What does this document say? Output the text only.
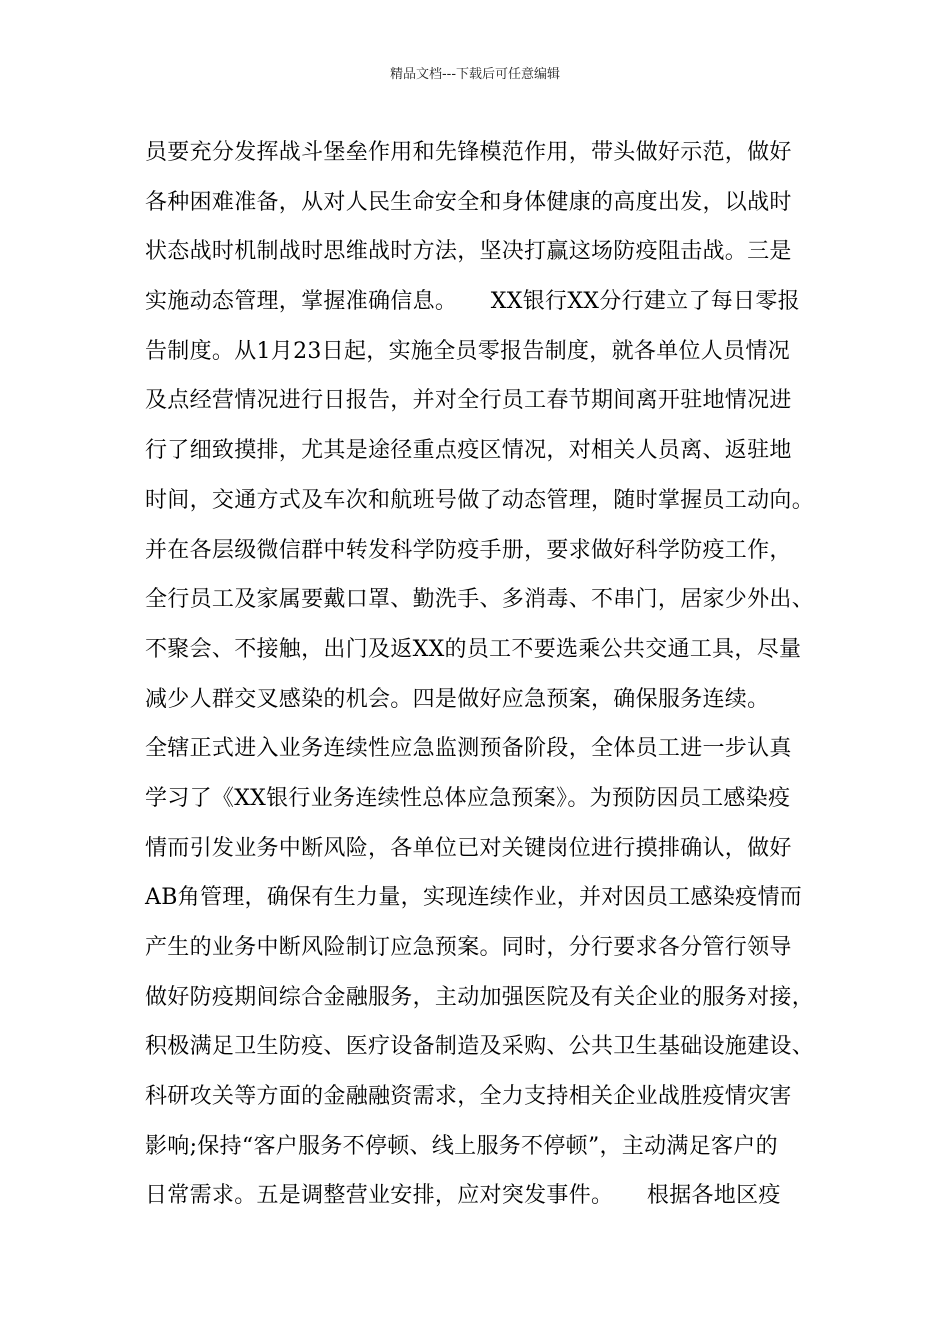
精品文档---下载后可任意编辑
员要充分发挥战斗堡垒作用和先锋模范作用，带头做好示范，做好
各种困难准备，从对人民生命安全和身体健康的高度出发，以战时
状态战时机制战时思维战时方法，坚决打赢这场防疫阻击战。三是
实施动态管理，掌握准确信息。　　XX银行XX分行建立了每日零报
告制度。从1月23日起，实施全员零报告制度，就各单位人员情况
及点经营情况进行日报告，并对全行员工春节期间离开驻地情况进
行了细致摸排，尤其是途径重点疫区情况，对相关人员离、返驻地
时间，交通方式及车次和航班号做了动态管理，随时掌握员工动向。
并在各层级微信群中转发科学防疫手册，要求做好科学防疫工作，
全行员工及家属要戴口罩、勤洗手、多消毒、不串门，居家少外出、
不聚会、不接触，出门及返XX的员工不要选乘公共交通工具，尽量
减少人群交叉感染的机会。四是做好应急预案，确保服务连续。
全辖正式进入业务连续性应急监测预备阶段，全体员工进一步认真
学习了《XX银行业务连续性总体应急预案》。为预防因员工感染疫
情而引发业务中断风险，各单位已对关键岗位进行摸排确认，做好
AB角管理，确保有生力量，实现连续作业，并对因员工感染疫情而
产生的业务中断风险制订应急预案。同时，分行要求各分管行领导
做好防疫期间综合金融服务，主动加强医院及有关企业的服务对接，
积极满足卫生防疫、医疗设备制造及采购、公共卫生基础设施建设、
科研攻关等方面的金融融资需求，全力支持相关企业战胜疫情灾害
影响;保持“客户服务不停顿、线上服务不停顿”，主动满足客户的
日常需求。五是调整营业安排，应对突发事件。　　根据各地区疫
